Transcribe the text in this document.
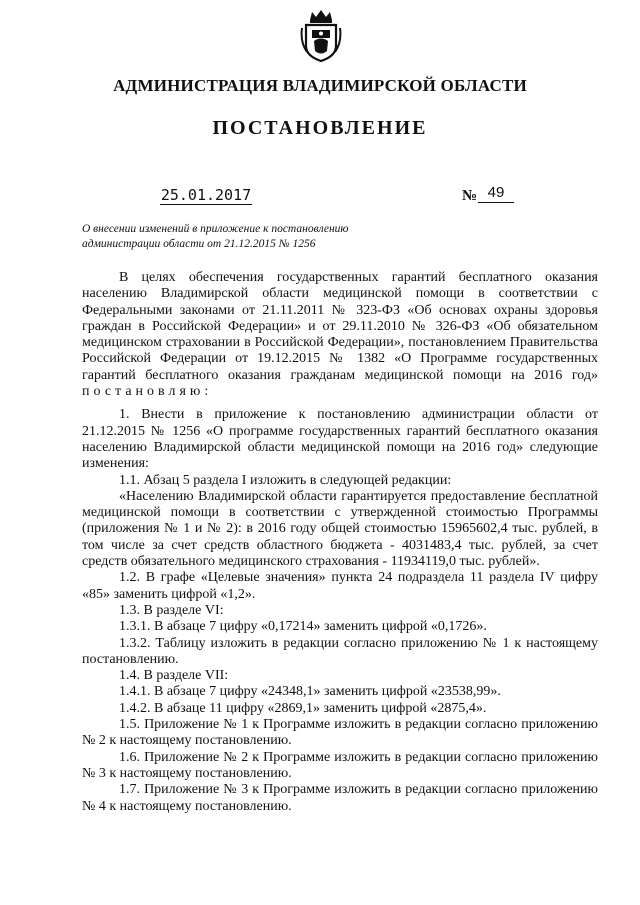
АДМИНИСТРАЦИЯ ВЛАДИМИРСКОЙ ОБЛАСТИ
ПОСТАНОВЛЕНИЕ
25.01.2017	№ 49
О внесении изменений в приложение к постановлению
администрации области от 21.12.2015 № 1256

В целях обеспечения государственных гарантий бесплатного оказания населению Владимирской области медицинской помощи в соответствии с Федеральными законами от 21.11.2011 № 323-ФЗ «Об основах охраны здоровья граждан в Российской Федерации» и от 29.11.2010 № 326-ФЗ «Об обязательном медицинском страховании в Российской Федерации», постановлением Правительства Российской Федерации от 19.12.2015 № 1382 «О Программе государственных гарантий бесплатного оказания гражданам медицинской помощи на 2016 год» постановляю:

1. Внести в приложение к постановлению администрации области от 21.12.2015 № 1256 «О программе государственных гарантий бесплатного оказания населению Владимирской области медицинской помощи на 2016 год» следующие изменения:

1.1. Абзац 5 раздела I изложить в следующей редакции:

«Населению Владимирской области гарантируется предоставление бесплатной медицинской помощи в соответствии с утвержденной стоимостью Программы (приложения № 1 и № 2): в 2016 году общей стоимостью 15965602,4 тыс. рублей, в том числе за счет средств областного бюджета - 4031483,4 тыс. рублей, за счет средств обязательного медицинского страхования - 11934119,0 тыс. рублей».

1.2. В графе «Целевые значения» пункта 24 подраздела 11 раздела IV цифру «85» заменить цифрой «1,2».

1.3. В разделе VI:

1.3.1. В абзаце 7 цифру «0,17214» заменить цифрой «0,1726».

1.3.2. Таблицу изложить в редакции согласно приложению № 1 к настоящему постановлению.

1.4. В разделе VII:

1.4.1. В абзаце 7 цифру «24348,1» заменить цифрой «23538,99».

1.4.2. В абзаце 11 цифру «2869,1» заменить цифрой «2875,4».

1.5. Приложение № 1 к Программе изложить в редакции согласно приложению № 2 к настоящему постановлению.

1.6. Приложение № 2 к Программе изложить в редакции согласно приложению № 3 к настоящему постановлению.

1.7. Приложение № 3 к Программе изложить в редакции согласно приложению № 4 к настоящему постановлению.
